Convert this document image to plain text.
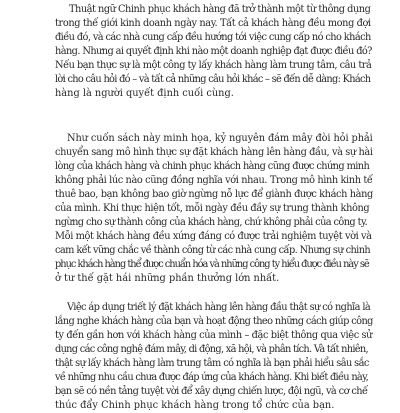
Thuật ngữ Chinh phục khách hàng đã trở thành một từ thông dụng
trong thế giới kinh doanh ngày nay. Tất cả khách hàng đều mong đợi
điều đó, và các nhà cung cấp đều hướng tới việc cung cấp nó cho khách
hàng. Nhưng ai quyết định khi nào một doanh nghiệp đạt được điều đó?
Nếu bạn thực sự là một công ty lấy khách hàng làm trung tâm, câu trả
lời cho câu hỏi đó – và tất cả những câu hỏi khác – sẽ đến dễ dàng: Khách
hàng là người quyết định cuối cùng.
Như cuốn sách này minh họa, kỷ nguyên đám mây đòi hỏi phải
chuyển sang mô hình thực sự đặt khách hàng lên hàng đầu, và sự hài
lòng của khách hàng và chinh phục khách hàng cũng được chứng minh
không phải lúc nào cũng đồng nghĩa với nhau. Trong mô hình kinh tế
thuê bao, bạn không bao giờ ngừng nỗ lực để giành được khách hàng
của mình. Khi thực hiện tốt, mỗi ngày đều đầy sự trung thành không
ngừng cho sự thành công của khách hàng, chứ không phải của công ty.
Mỗi một khách hàng đều xứng đáng có được trải nghiệm tuyệt vời và
cam kết vững chắc về thành công từ các nhà cung cấp. Nhưng sự chinh
phục khách hàng thể được chuẩn hóa và những công ty hiểu được điều này sẽ
ở tư thế gặt hái những phần thưởng lớn nhất.
Việc áp dụng triết lý đặt khách hàng lên hàng đầu thật sự có nghĩa là
lắng nghe khách hàng của bạn và hoạt động theo những cách giúp công
ty đến gần hơn với khách hàng của mình – đặc biệt thông qua việc sử
dụng các công nghệ đám mây, di động, xã hội, và phân tích. Và tất nhiên,
thật sự lấy khách hàng làm trung tâm có nghĩa là bạn phải hiểu sâu sắc
về những nhu cầu chưa được đáp ứng của khách hàng. Khi biết điều này,
bạn sẽ có nền tảng tuyệt vời để xây dựng chiến lược, đội ngũ, và cơ chế
thúc đẩy Chinh phục khách hàng trong tổ chức của bạn.
